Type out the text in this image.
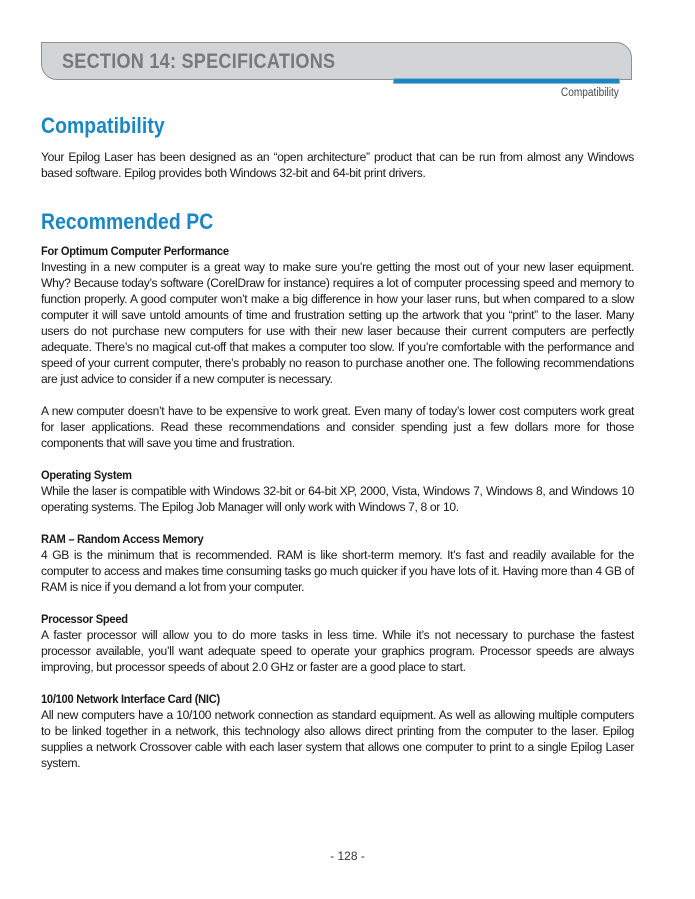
SECTION 14: SPECIFICATIONS
Compatibility
Compatibility

Your Epilog Laser has been designed as an “open architecture” product that can be run from almost any Windows based software. Epilog provides both Windows 32-bit and 64-bit print drivers.

Recommended PC
For Optimum Computer Performance

Investing in a new computer is a great way to make sure you’re getting the most out of your new laser equipment. Why? Because today’s software (CorelDraw for instance) requires a lot of computer processing speed and memory to function properly. A good computer won’t make a big difference in how your laser runs, but when compared to a slow computer it will save untold amounts of time and frustration setting up the artwork that you “print” to the laser. Many users do not purchase new computers for use with their new laser because their current computers are perfectly adequate. There’s no magical cut-off that makes a computer too slow. If you’re comfortable with the performance and speed of your current computer, there’s probably no reason to purchase another one. The following recommendations are just advice to consider if a new computer is necessary.

A new computer doesn’t have to be expensive to work great. Even many of today’s lower cost computers work great for laser applications. Read these recommendations and consider spending just a few dollars more for those components that will save you time and frustration.

Operating System

While the laser is compatible with Windows 32-bit or 64-bit XP, 2000, Vista, Windows 7, Windows 8, and Windows 10 operating systems. The Epilog Job Manager will only work with Windows 7, 8 or 10.

RAM – Random Access Memory

4 GB is the minimum that is recommended. RAM is like short-term memory. It’s fast and readily available for the computer to access and makes time consuming tasks go much quicker if you have lots of it. Having more than 4 GB of RAM is nice if you demand a lot from your computer.

Processor Speed

A faster processor will allow you to do more tasks in less time. While it’s not necessary to purchase the fastest processor available, you’ll want adequate speed to operate your graphics program. Processor speeds are always improving, but processor speeds of about 2.0 GHz or faster are a good place to start.

10/100 Network Interface Card (NIC)

All new computers have a 10/100 network connection as standard equipment. As well as allowing multiple computers to be linked together in a network, this technology also allows direct printing from the computer to the laser. Epilog supplies a network Crossover cable with each laser system that allows one computer to print to a single Epilog Laser system.

- 128 -
